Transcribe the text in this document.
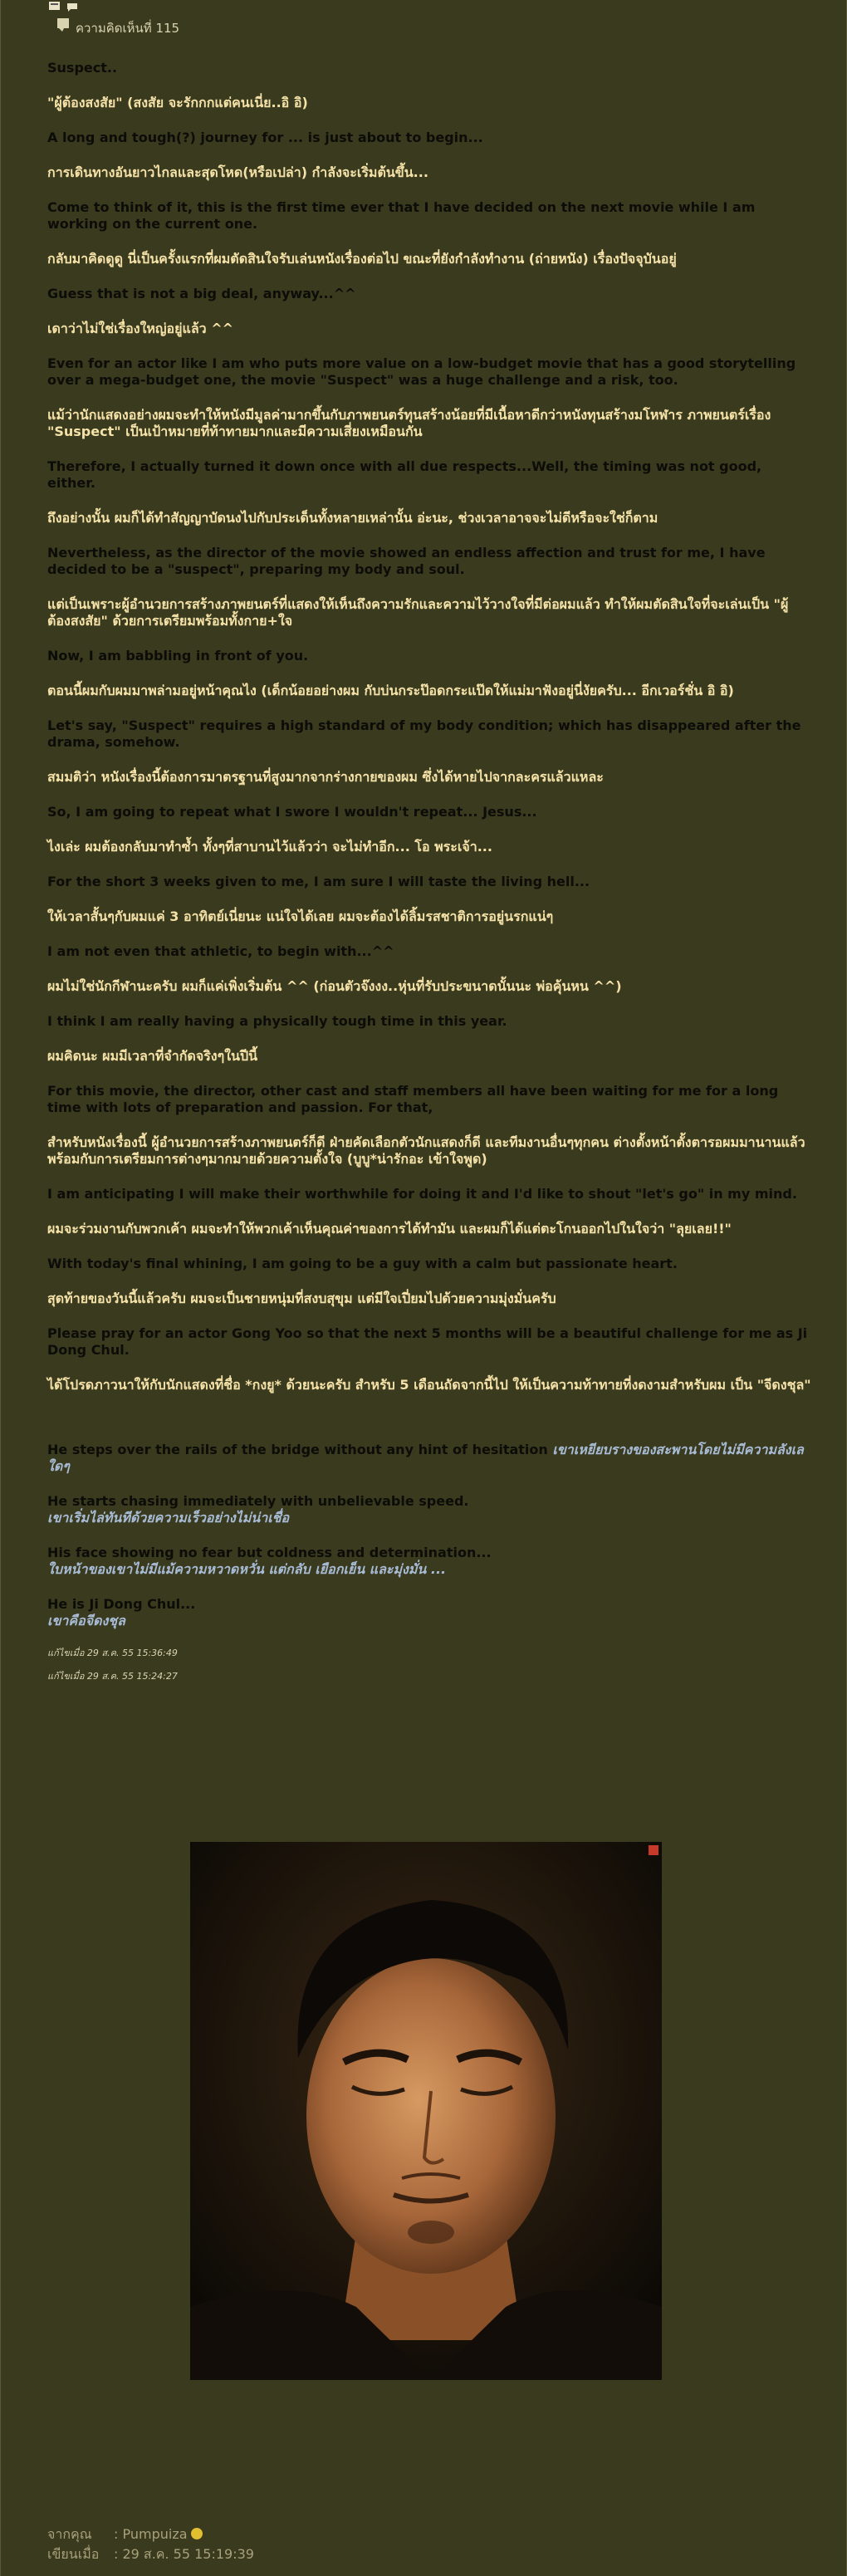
ความคิดเห็นที่ 115

Suspect..

"ผู้ต้องสงสัย" (สงสัย จะรักกกแต่คนเนี่ย..อิ อิ)

A long and tough(?) journey for ... is just about to begin...

การเดินทางอันยาวไกลและสุดโหด(หรือเปล่า) กำลังจะเริ่มต้นขึ้น...

Come to think of it, this is the first time ever that I have decided on the next movie while I am working on the current one.

กลับมาคิดดูดู นี่เป็นครั้งแรกที่ผมตัดสินใจรับเล่นหนังเรื่องต่อไป ขณะที่ยังกำลังทำงาน (ถ่ายหนัง) เรื่องปัจจุบันอยู่

Guess that is not a big deal, anyway...^^

เดาว่าไม่ใช่เรื่องใหญ่อยู่แล้ว ^^

Even for an actor like I am who puts more value on a low-budget movie that has a good storytelling over a mega-budget one, the movie "Suspect" was a huge challenge and a risk, too.

แม้ว่านักแสดงอย่างผมจะทำให้หนังมีมูลค่ามากขึ้นกับภาพยนตร์ทุนสร้างน้อยที่มีเนื้อหาดีกว่าหนังทุนสร้างมโหฬาร ภาพยนตร์เรื่อง "Suspect" เป็นเป้าหมายที่ท้าทายมากและมีความเสี่ยงเหมือนกัน

Therefore, I actually turned it down once with all due respects...Well, the timing was not good, either.

ถึงอย่างนั้น ผมก็ได้ทำสัญญาบัดนงไปกับประเด็นทั้งหลายเหล่านั้น อ่ะนะ, ช่วงเวลาอาจจะไม่ดีหรือจะใช่ก็ตาม

Nevertheless, as the director of the movie showed an endless affection and trust for me, I have decided to be a "suspect", preparing my body and soul.

แต่เป็นเพราะผู้อำนวยการสร้างภาพยนตร์ที่แสดงให้เห็นถึงความรักและความไว้วางใจที่มีต่อผมแล้ว ทำให้ผมตัดสินใจที่จะเล่นเป็น "ผู้ต้องสงสัย" ด้วยการเตรียมพร้อมทั้งกาย+ใจ

Now, I am babbling in front of you.

ตอนนี้ผมกับผมมาพล่ามอยู่หน้าคุณไง (เด็กน้อยอย่างผม กับบ่นกระป๊อดกระแป๊ดให้แม่มาฟังอยู่นี่งัยครับ... อีกเวอร์ชั่น อิ อิ)

Let's say, "Suspect" requires a high standard of my body condition; which has disappeared after the drama, somehow.

สมมติว่า หนังเรื่องนี้ต้องการมาตรฐานที่สูงมากจากร่างกายของผม ซึ่งได้หายไปจากละครแล้วแหละ

So, I am going to repeat what I swore I wouldn't repeat... Jesus...

ไงเล่ะ ผมต้องกลับมาทำซ้ำ ทั้งๆที่สาบานไว้แล้วว่า จะไม่ทำอีก... โอ พระเจ้า...

For the short 3 weeks given to me, I am sure I will taste the living hell...

ให้เวลาสั้นๆกับผมแค่ 3 อาทิตย์เนี่ยนะ แน่ใจได้เลย ผมจะต้องได้ลิ้มรสชาติการอยู่นรกแน่ๆ

I am not even that athletic, to begin with...^^

ผมไม่ใช่นักกีฬานะครับ ผมก็แค่เพิ่งเริ่มต้น ^^ (ก่อนตัวจ๊งงง..หุ่นที่รับประขนาดนั้นนะ พ่อคุ้นหน ^^)

I think I am really having a physically tough time in this year.

ผมคิดนะ ผมมีเวลาที่จำกัดจริงๆในปีนี้

For this movie, the director, other cast and staff members all have been waiting for me for a long time with lots of preparation and passion. For that,

สำหรับหนังเรื่องนี้ ผู้อำนวยการสร้างภาพยนตร์ก็ดี ฝ่ายคัดเลือกตัวนักแสดงก็ดี และทีมงานอื่นๆทุกคน ต่างตั้งหน้าตั้งตารอผมมานานแล้ว พร้อมกับการเตรียมการต่างๆมากมายด้วยความตั้งใจ (บูบู*น่ารักอะ เข้าใจพูด)

I am anticipating I will make their worthwhile for doing it and I'd like to shout "let's go" in my mind.

ผมจะร่วมงานกับพวกเค้า ผมจะทำให้พวกเค้าเห็นคุณค่าของการได้ทำมัน และผมก็ได้แต่ตะโกนออกไปในใจว่า "ลุยเลย!!"

With today's final whining, I am going to be a guy with a calm but passionate heart.

สุดท้ายของวันนี้แล้วครับ ผมจะเป็นชายหนุ่มที่สงบสุขุม แต่มีใจเปี่ยมไปด้วยความมุ่งมั่นครับ

Please pray for an actor Gong Yoo so that the next 5 months will be a beautiful challenge for me as Ji Dong Chul.

ได้โปรดภาวนาให้กับนักแสดงที่ชื่อ *กงยู* ด้วยนะครับ สำหรับ 5 เดือนถัดจากนี้ไป ให้เป็นความท้าทายที่งดงามสำหรับผม เป็น "จีดงชุล"

He steps over the rails of the bridge without any hint of hesitation เขาเหยียบรางของสะพานโดยไม่มีความลังเลใดๆ

He starts chasing immediately with unbelievable speed.
เขาเริ่มไล่ทันทีด้วยความเร็วอย่างไม่น่าเชื่อ

His face showing no fear but coldness and determination...
ใบหน้าของเขาไม่มีแม้ความหวาดหวั่น แต่กลับ เยือกเย็น และมุ่งมั่น ...

He is Ji Dong Chul...
เขาคือจีดงชุล

แก้ไขเมื่อ 29 ส.ค. 55 15:36:49

แก้ไขเมื่อ 29 ส.ค. 55 15:24:27

จากคุณ	: Pumpuiza
เขียนเมื่อ	: 29 ส.ค. 55 15:19:39
